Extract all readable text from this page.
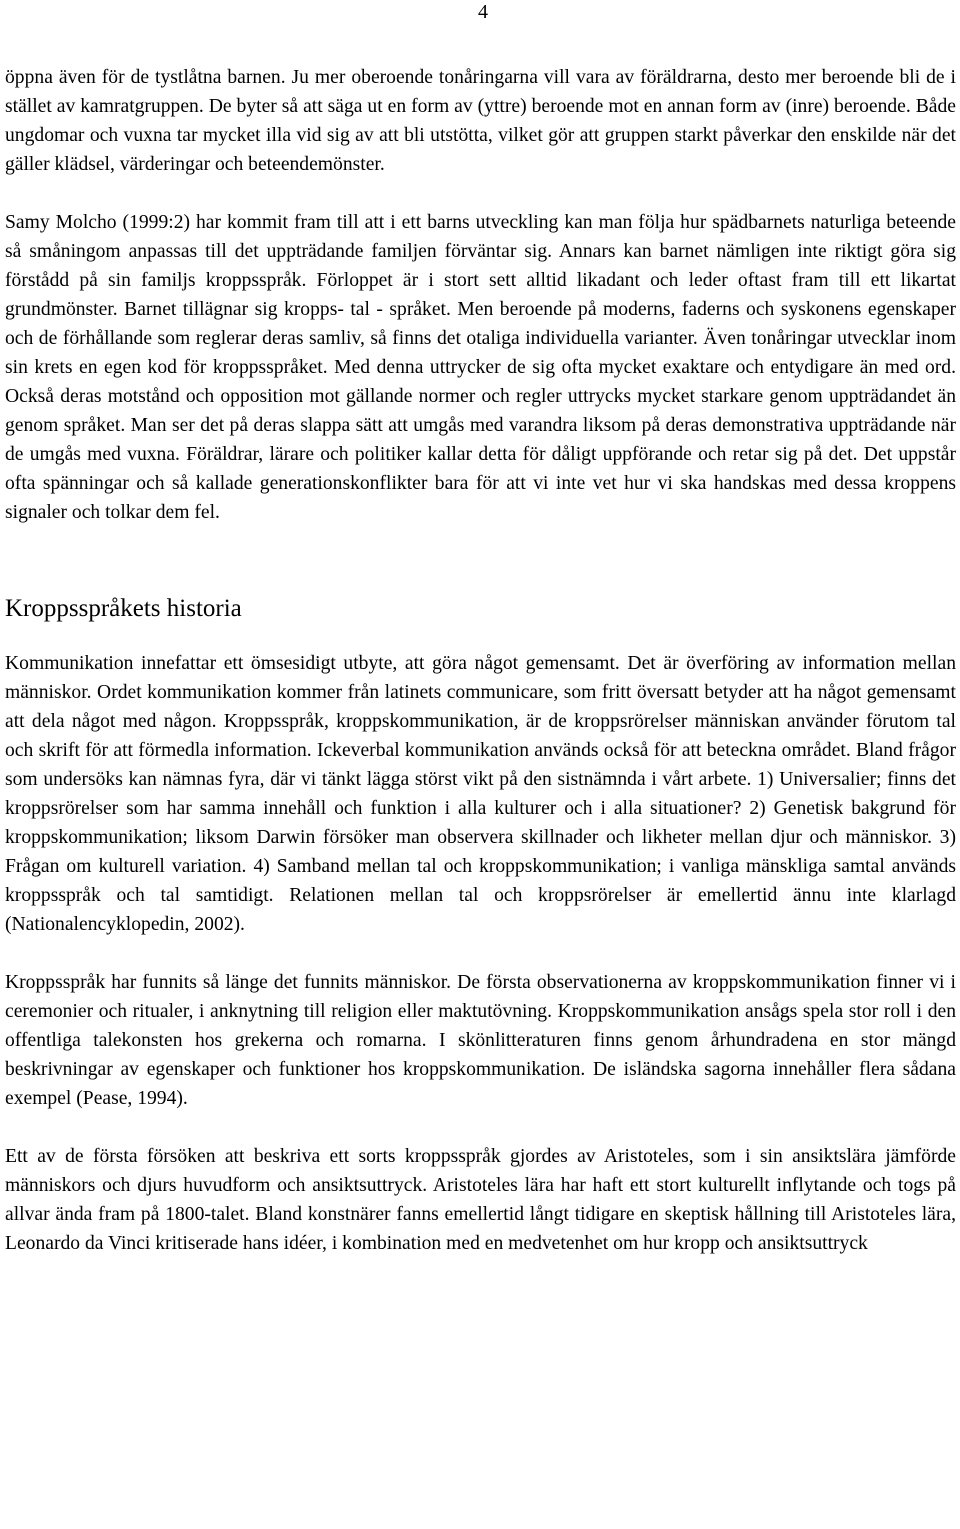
4

öppna även för de tystlåtna barnen. Ju mer oberoende tonåringarna vill vara av föräldrarna, desto mer beroende bli de i stället av kamratgruppen. De byter så att säga ut en form av (yttre) beroende mot en annan form av (inre) beroende. Både ungdomar och vuxna tar mycket illa vid sig av att bli utstötta, vilket gör att gruppen starkt påverkar den enskilde när det gäller klädsel, värderingar och beteendemönster.

Samy Molcho (1999:2) har kommit fram till att i ett barns utveckling kan man följa hur spädbarnets naturliga beteende så småningom anpassas till det uppträdande familjen förväntar sig. Annars kan barnet nämligen inte riktigt göra sig förstådd på sin familjs kroppsspråk. Förloppet är i stort sett alltid likadant och leder oftast fram till ett likartat grundmönster. Barnet tillägnar sig kropps- tal - språket. Men beroende på moderns, faderns och syskonens egenskaper och de förhållande som reglerar deras samliv, så finns det otaliga individuella varianter. Även tonåringar utvecklar inom sin krets en egen kod för kroppsspråket. Med denna uttrycker de sig ofta mycket exaktare och entydigare än med ord. Också deras motstånd och opposition mot gällande normer och regler uttrycks mycket starkare genom uppträdandet än genom språket. Man ser det på deras slappa sätt att umgås med varandra liksom på deras demonstrativa uppträdande när de umgås med vuxna. Föräldrar, lärare och politiker kallar detta för dåligt uppförande och retar sig på det. Det uppstår ofta spänningar och så kallade generationskonflikter bara för att vi inte vet hur vi ska handskas med dessa kroppens signaler och tolkar dem fel.

Kroppsspråkets historia

Kommunikation innefattar ett ömsesidigt utbyte, att göra något gemensamt. Det är överföring av information mellan människor. Ordet kommunikation kommer från latinets communicare, som fritt översatt betyder att ha något gemensamt att dela något med någon. Kroppsspråk, kroppskommunikation, är de kroppsrörelser människan använder förutom tal och skrift för att förmedla information. Ickeverbal kommunikation används också för att beteckna området. Bland frågor som undersöks kan nämnas fyra, där vi tänkt lägga störst vikt på den sistnämnda i vårt arbete. 1) Universalier; finns det kroppsrörelser som har samma innehåll och funktion i alla kulturer och i alla situationer? 2) Genetisk bakgrund för kroppskommunikation; liksom Darwin försöker man observera skillnader och likheter mellan djur och människor. 3) Frågan om kulturell variation. 4) Samband mellan tal och kroppskommunikation; i vanliga mänskliga samtal används kroppsspråk och tal samtidigt. Relationen mellan tal och kroppsrörelser är emellertid ännu inte klarlagd (Nationalencyklopedin, 2002).

Kroppsspråk har funnits så länge det funnits människor. De första observationerna av kroppskommunikation finner vi i ceremonier och ritualer, i anknytning till religion eller maktutövning. Kroppskommunikation ansågs spela stor roll i den offentliga talekonsten hos grekerna och romarna. I skönlitteraturen finns genom århundradena en stor mängd beskrivningar av egenskaper och funktioner hos kroppskommunikation. De isländska sagorna innehåller flera sådana exempel (Pease, 1994).

Ett av de första försöken att beskriva ett sorts kroppsspråk gjordes av Aristoteles, som i sin ansiktslära jämförde människors och djurs huvudform och ansiktsuttryck. Aristoteles lära har haft ett stort kulturellt inflytande och togs på allvar ända fram på 1800-talet. Bland konstnärer fanns emellertid långt tidigare en skeptisk hållning till Aristoteles lära, Leonardo da Vinci kritiserade hans idéer, i kombination med en medvetenhet om hur kropp och ansiktsuttryck
